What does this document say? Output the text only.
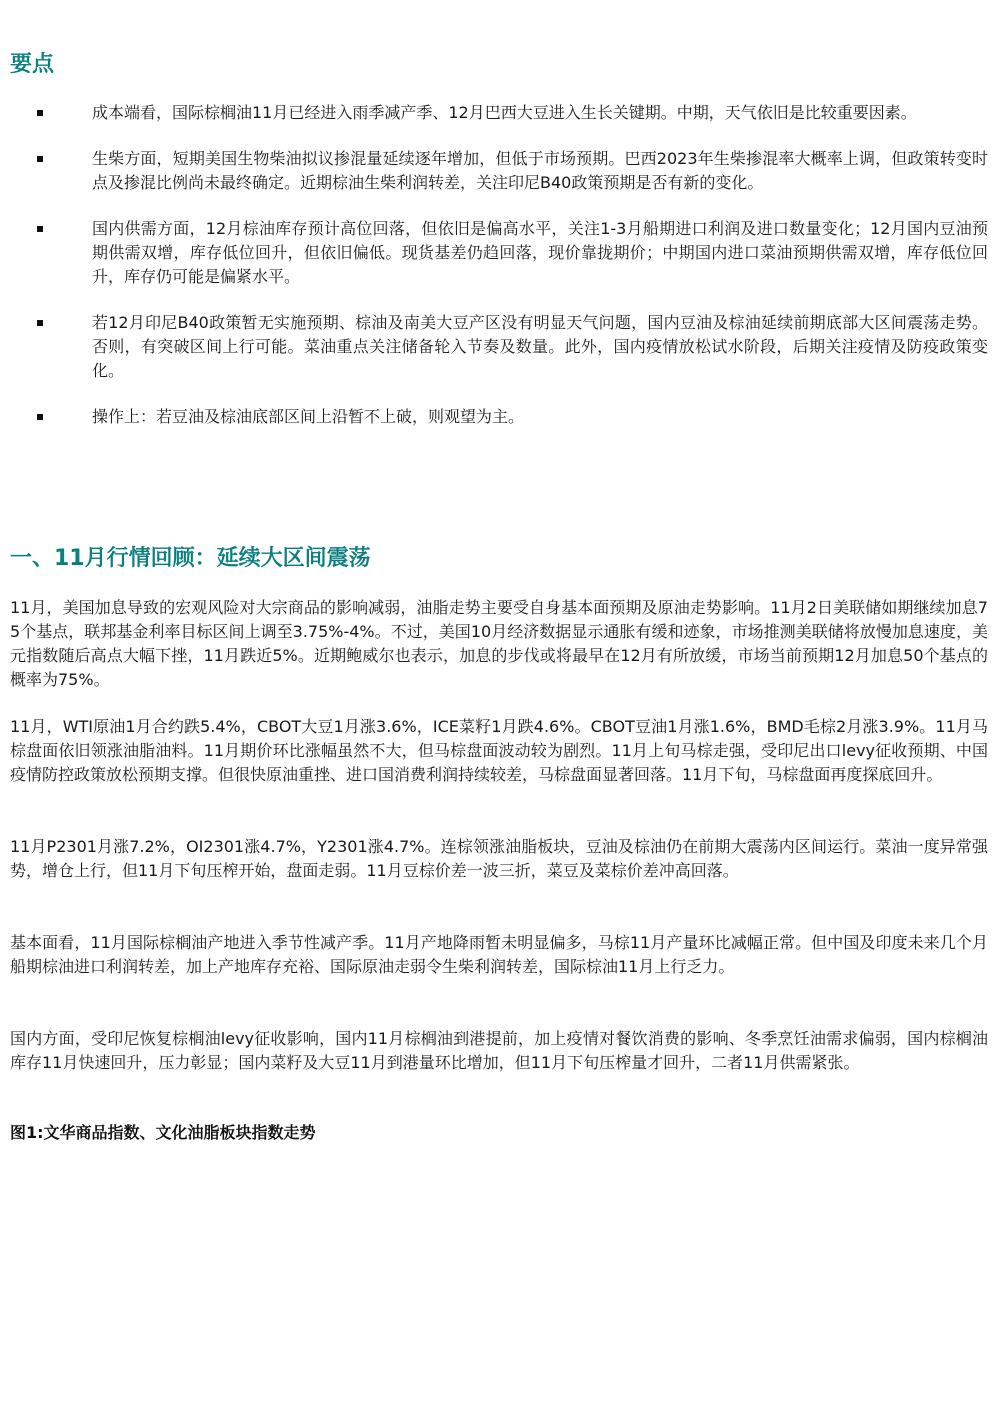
要点
成本端看，国际棕榈油11月已经进入雨季减产季、12月巴西大豆进入生长关键期。中期，天气依旧是比较重要因素。
生柴方面，短期美国生物柴油拟议掺混量延续逐年增加，但低于市场预期。巴西2023年生柴掺混率大概率上调，但政策转变时点及掺混比例尚未最终确定。近期棕油生柴利润转差，关注印尼B40政策预期是否有新的变化。
国内供需方面，12月棕油库存预计高位回落，但依旧是偏高水平，关注1-3月船期进口利润及进口数量变化；12月国内豆油预期供需双增，库存低位回升，但依旧偏低。现货基差仍趋回落，现价靠拢期价；中期国内进口菜油预期供需双增，库存低位回升，库存仍可能是偏紧水平。
若12月印尼B40政策暂无实施预期、棕油及南美大豆产区没有明显天气问题，国内豆油及棕油延续前期底部大区间震荡走势。否则，有突破区间上行可能。菜油重点关注储备轮入节奏及数量。此外，国内疫情放松试水阶段，后期关注疫情及防疫政策变化。
操作上：若豆油及棕油底部区间上沿暂不上破，则观望为主。
一、11月行情回顾：延续大区间震荡

11月，美国加息导致的宏观风险对大宗商品的影响减弱，油脂走势主要受自身基本面预期及原油走势影响。11月2日美联储如期继续加息75个基点，联邦基金利率目标区间上调至3.75%-4%。不过，美国10月经济数据显示通胀有缓和迹象，市场推测美联储将放慢加息速度，美元指数随后高点大幅下挫，11月跌近5%。近期鲍威尔也表示，加息的步伐或将最早在12月有所放缓，市场当前预期12月加息50个基点的概率为75%。

11月，WTI原油1月合约跌5.4%，CBOT大豆1月涨3.6%，ICE菜籽1月跌4.6%。CBOT豆油1月涨1.6%，BMD毛棕2月涨3.9%。11月马棕盘面依旧领涨油脂油料。11月期价环比涨幅虽然不大，但马棕盘面波动较为剧烈。11月上旬马棕走强，受印尼出口levy征收预期、中国疫情防控政策放松预期支撑。但很快原油重挫、进口国消费利润持续较差，马棕盘面显著回落。11月下旬，马棕盘面再度探底回升。

11月P2301月涨7.2%，OI2301涨4.7%，Y2301涨4.7%。连棕领涨油脂板块，豆油及棕油仍在前期大震荡内区间运行。菜油一度异常强势，增仓上行，但11月下旬压榨开始，盘面走弱。11月豆棕价差一波三折，菜豆及菜棕价差冲高回落。

基本面看，11月国际棕榈油产地进入季节性减产季。11月产地降雨暂未明显偏多，马棕11月产量环比减幅正常。但中国及印度未来几个月船期棕油进口利润转差，加上产地库存充裕、国际原油走弱令生柴利润转差，国际棕油11月上行乏力。

国内方面，受印尼恢复棕榈油levy征收影响，国内11月棕榈油到港提前，加上疫情对餐饮消费的影响、冬季烹饪油需求偏弱，国内棕榈油库存11月快速回升，压力彰显；国内菜籽及大豆11月到港量环比增加，但11月下旬压榨量才回升，二者11月供需紧张。

图1:文华商品指数、文化油脂板块指数走势
